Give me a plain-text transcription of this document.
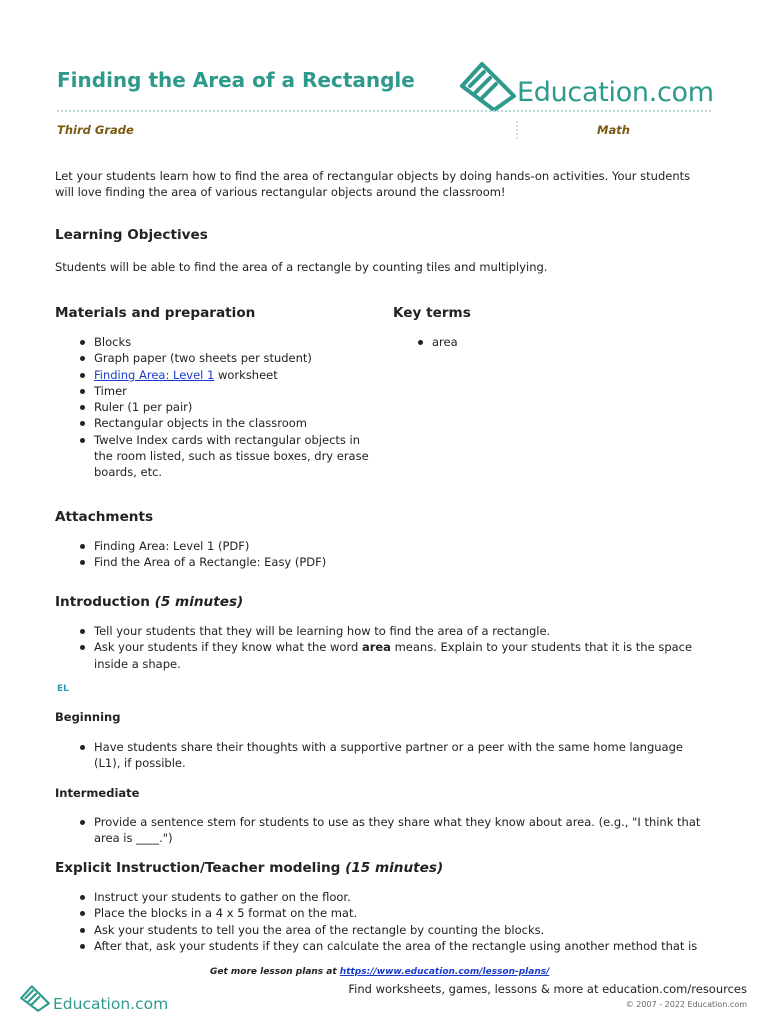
Finding the Area of a Rectangle	Education.com
Third Grade	Math
Let your students learn how to find the area of rectangular objects by doing hands-on activities. Your students
will love finding the area of various rectangular objects around the classroom!
Learning Objectives
Students will be able to find the area of a rectangle by counting tiles and multiplying.
Materials and preparation
Blocks
Graph paper (two sheets per student)
Finding Area: Level 1 worksheet
Timer
Ruler (1 per pair)
Rectangular objects in the classroom
Twelve Index cards with rectangular objects in
the room listed, such as tissue boxes, dry erase
boards, etc.
Key terms
area
Attachments
Finding Area: Level 1 (PDF)
Find the Area of a Rectangle: Easy (PDF)
Introduction (5 minutes)
Tell your students that they will be learning how to find the area of a rectangle.
Ask your students if they know what the word area means. Explain to your students that it is the space
inside a shape.
EL
Beginning
Have students share their thoughts with a supportive partner or a peer with the same home language
(L1), if possible.
Intermediate
Provide a sentence stem for students to use as they share what they know about area. (e.g., "I think that
area is ____.")
Explicit Instruction/Teacher modeling (15 minutes)
Instruct your students to gather on the floor.
Place the blocks in a 4 x 5 format on the mat.
Ask your students to tell you the area of the rectangle by counting the blocks.
After that, ask your students if they can calculate the area of the rectangle using another method that is
Get more lesson plans at https://www.education.com/lesson-plans/
Education.com
Find worksheets, games, lessons & more at education.com/resources
© 2007 - 2022 Education.com
